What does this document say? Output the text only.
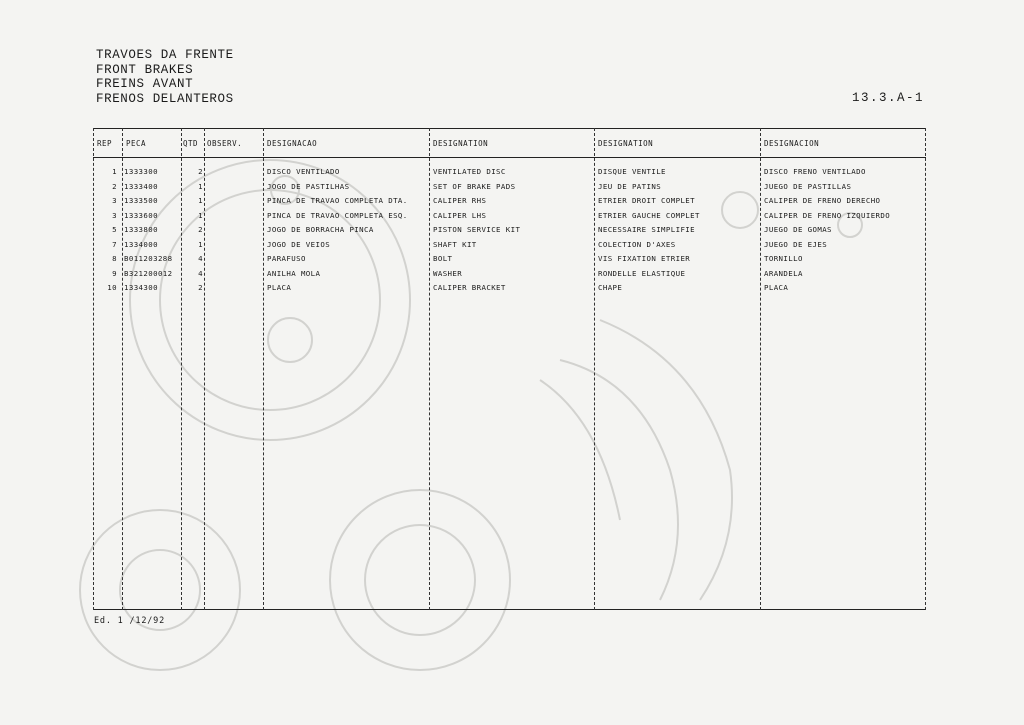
TRAVOES DA FRENTE
FRONT BRAKES
FREINS AVANT
FRENOS DELANTEROS	13.3.A-1
REP PECA	QTD OBSERV.	DESIGNACAO	DESIGNATION	DESIGNATION	DESIGNACION
1 1333300	2	DISCO VENTILADO	VENTILATED DISC	DISQUE VENTILE	DISCO FRENO VENTILADO
2 1333400	1	JOGO DE PASTILHAS	SET OF BRAKE PADS	JEU DE PATINS	JUEGO DE PASTILLAS
3 1333500	1	PINCA DE TRAVAO COMPLETA DTA.	CALIPER RHS	ETRIER DROIT COMPLET	CALIPER DE FRENO DERECHO
3 1333600	1	PINCA DE TRAVAO COMPLETA ESQ.	CALIPER LHS	ETRIER GAUCHE COMPLET	CALIPER DE FRENO IZQUIERDO
5 1333800	2	JOGO DE BORRACHA PINCA	PISTON SERVICE KIT	NECESSAIRE SIMPLIFIE	JUEGO DE GOMAS
7 1334000	1	JOGO DE VEIOS	SHAFT KIT	COLECTION D'AXES	JUEGO DE EJES
8 B011203288	4	PARAFUSO	BOLT	VIS FIXATION ETRIER	TORNILLO
9 B321200012	4	ANILHA MOLA	WASHER	RONDELLE ELASTIQUE	ARANDELA
10 1334300	2	PLACA	CALIPER BRACKET	CHAPE	PLACA
Ed. 1 /12/92
